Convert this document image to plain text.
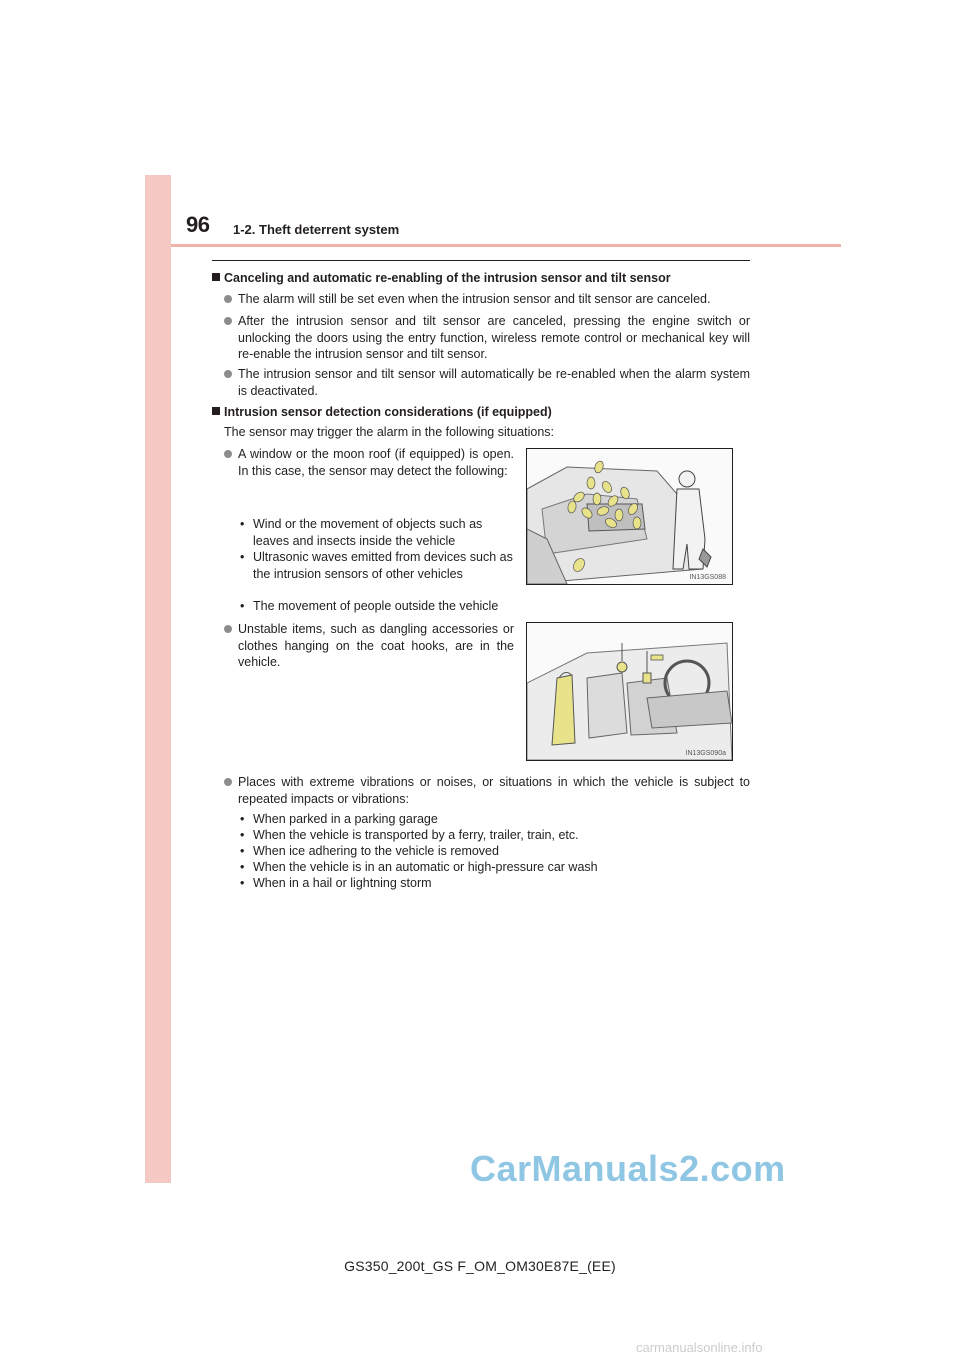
96 1-2. Theft deterrent system
Canceling and automatic re-enabling of the intrusion sensor and tilt sensor
The alarm will still be set even when the intrusion sensor and tilt sensor are canceled.
After the intrusion sensor and tilt sensor are canceled, pressing the engine switch or unlocking the doors using the entry function, wireless remote control or mechanical key will re-enable the intrusion sensor and tilt sensor.
The intrusion sensor and tilt sensor will automatically be re-enabled when the alarm system is deactivated.
Intrusion sensor detection considerations (if equipped)
The sensor may trigger the alarm in the following situations:
A window or the moon roof (if equipped) is open. In this case, the sensor may detect the following:
• Wind or the movement of objects such as leaves and insects inside the vehicle
• Ultrasonic waves emitted from devices such as the intrusion sensors of other vehicles
• The movement of people outside the vehicle
IN13GS088
Unstable items, such as dangling accessories or clothes hanging on the coat hooks, are in the vehicle.
IN13GS090a
Places with extreme vibrations or noises, or situations in which the vehicle is subject to repeated impacts or vibrations:
• When parked in a parking garage
• When the vehicle is transported by a ferry, trailer, train, etc.
• When ice adhering to the vehicle is removed
• When the vehicle is in an automatic or high-pressure car wash
• When in a hail or lightning storm
CarManuals2.com
GS350_200t_GS F_OM_OM30E87E_(EE)
carmanualsonline.info
